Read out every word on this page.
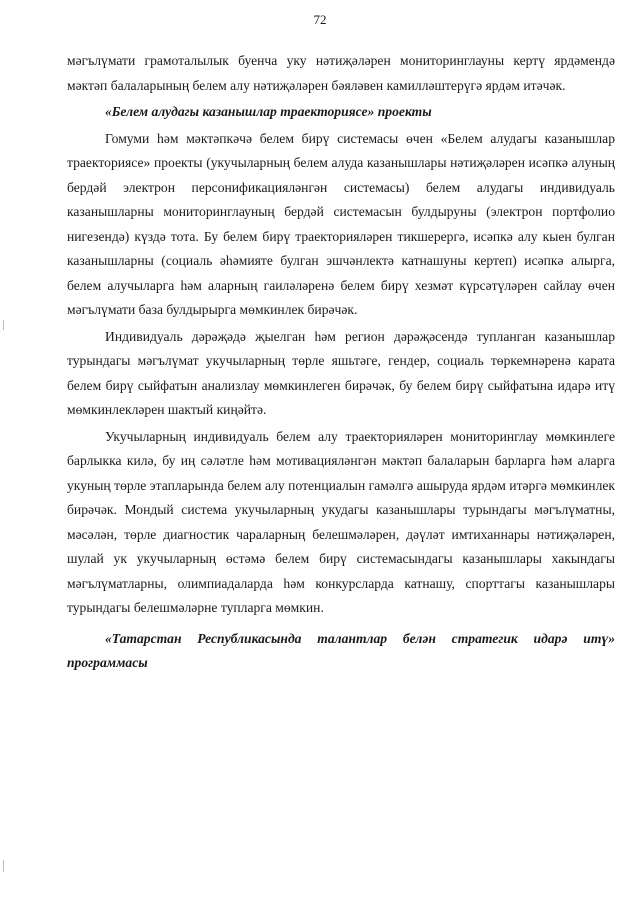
72

мәгълүмати грамоталылык буенча уку нәтиҗәләрен мониторинглауны кертү ярдәмендә мәктәп балаларының белем алу нәтиҗәләрен бәяләвен камилләштерүгә ярдәм итәчәк.

«Белем алудагы казанышлар траекториясе» проекты

Гомуми һәм мәктәпкәчә белем бирү системасы өчен «Белем алудагы казанышлар траекториясе» проекты (укучыларның белем алуда казанышлары нәтиҗәләрен исәпкә алуның бердәй электрон персонификацияләнгән системасы) белем алудагы индивидуаль казанышларны мониторинглауның бердәй системасын булдыруны (электрон портфолио нигезендә) күздә тота. Бу белем бирү траекторияләрен тикшерергә, исәпкә алу кыен булган казанышларны (социаль әһәмияте булган эшчәнлектә катнашуны кертеп) исәпкә алырга, белем алучыларга һәм аларның гаиләләренә белем бирү хезмәт күрсәтүләрен сайлау өчен мәгълүмати база булдырырга мөмкинлек бирәчәк.

Индивидуаль дәрәҗәдә җыелган һәм регион дәрәҗәсендә тупланган казанышлар турындагы мәгълүмат укучыларның төрле яшьтәге, гендер, социаль төркемнәренә карата белем бирү сыйфатын анализлау мөмкинлеген бирәчәк, бу белем бирү сыйфатына идарә итү мөмкинлекләрен шактый киңәйтә.

Укучыларның индивидуаль белем алу траекторияләрен мониторинглау мөмкинлеге барлыкка килә, бу иң сәләтле һәм мотивацияләнгән мәктәп балаларын барларга һәм аларга укуның төрле этапларында белем алу потенциалын гамәлгә ашыруда ярдәм итәргә мөмкинлек бирәчәк. Мондый система укучыларның укудагы казанышлары турындагы мәгълүматны, мәсәлән, төрле диагностик чараларның белешмәләрен, дәүләт имтиханнары нәтиҗәләрен, шулай ук укучыларның өстәмә белем бирү системасындагы казанышлары хакындагы мәгълүматларны, олимпиадаларда һәм конкурсларда катнашу, спорттагы казанышлары турындагы белешмәләрне тупларга мөмкин.

«Татарстан Республикасында талантлар белән стратегик идарә итү» программасы
